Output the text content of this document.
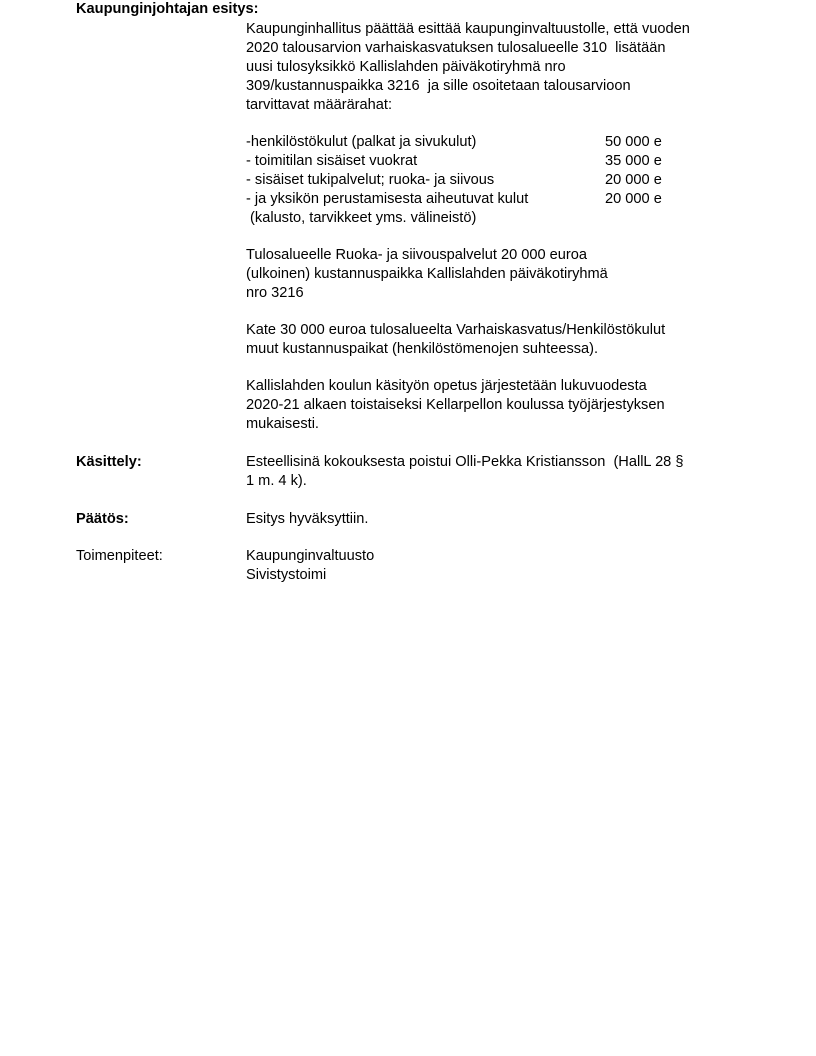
Kaupunginjohtajan esitys:
Kaupunginhallitus päättää esittää kaupunginvaltuustolle, että vuoden
2020 talousarvion varhaiskasvatuksen tulosalueelle 310  lisätään
uusi tulosyksikkö Kallislahden päiväkotiryhmä nro
309/kustannuspaikka 3216  ja sille osoitetaan talousarvioon
tarvittavat määrärahat:
-henkilöstökulut (palkat ja sivukulut)	50 000 e
- toimitilan sisäiset vuokrat	35 000 e
- sisäiset tukipalvelut; ruoka- ja siivous	20 000 e
- ja yksikön perustamisesta aiheutuvat kulut	20 000 e
(kalusto, tarvikkeet yms. välineistö)
Tulosalueelle Ruoka- ja siivouspalvelut 20 000 euroa
(ulkoinen) kustannuspaikka Kallislahden päiväkotiryhmä
nro 3216
Kate 30 000 euroa tulosalueelta Varhaiskasvatus/Henkilöstökulut
muut kustannuspaikat (henkilöstömenojen suhteessa).
Kallislahden koulun käsityön opetus järjestetään lukuvuodesta
2020-21 alkaen toistaiseksi Kellarpellon koulussa työjärjestyksen
mukaisesti.
Käsittely:	Esteellisinä kokouksesta poistui Olli-Pekka Kristiansson  (HallL 28 §
1 m. 4 k).
Päätös:	Esitys hyväksyttiin.
Toimenpiteet:	Kaupunginvaltuusto
Sivistystoimi
